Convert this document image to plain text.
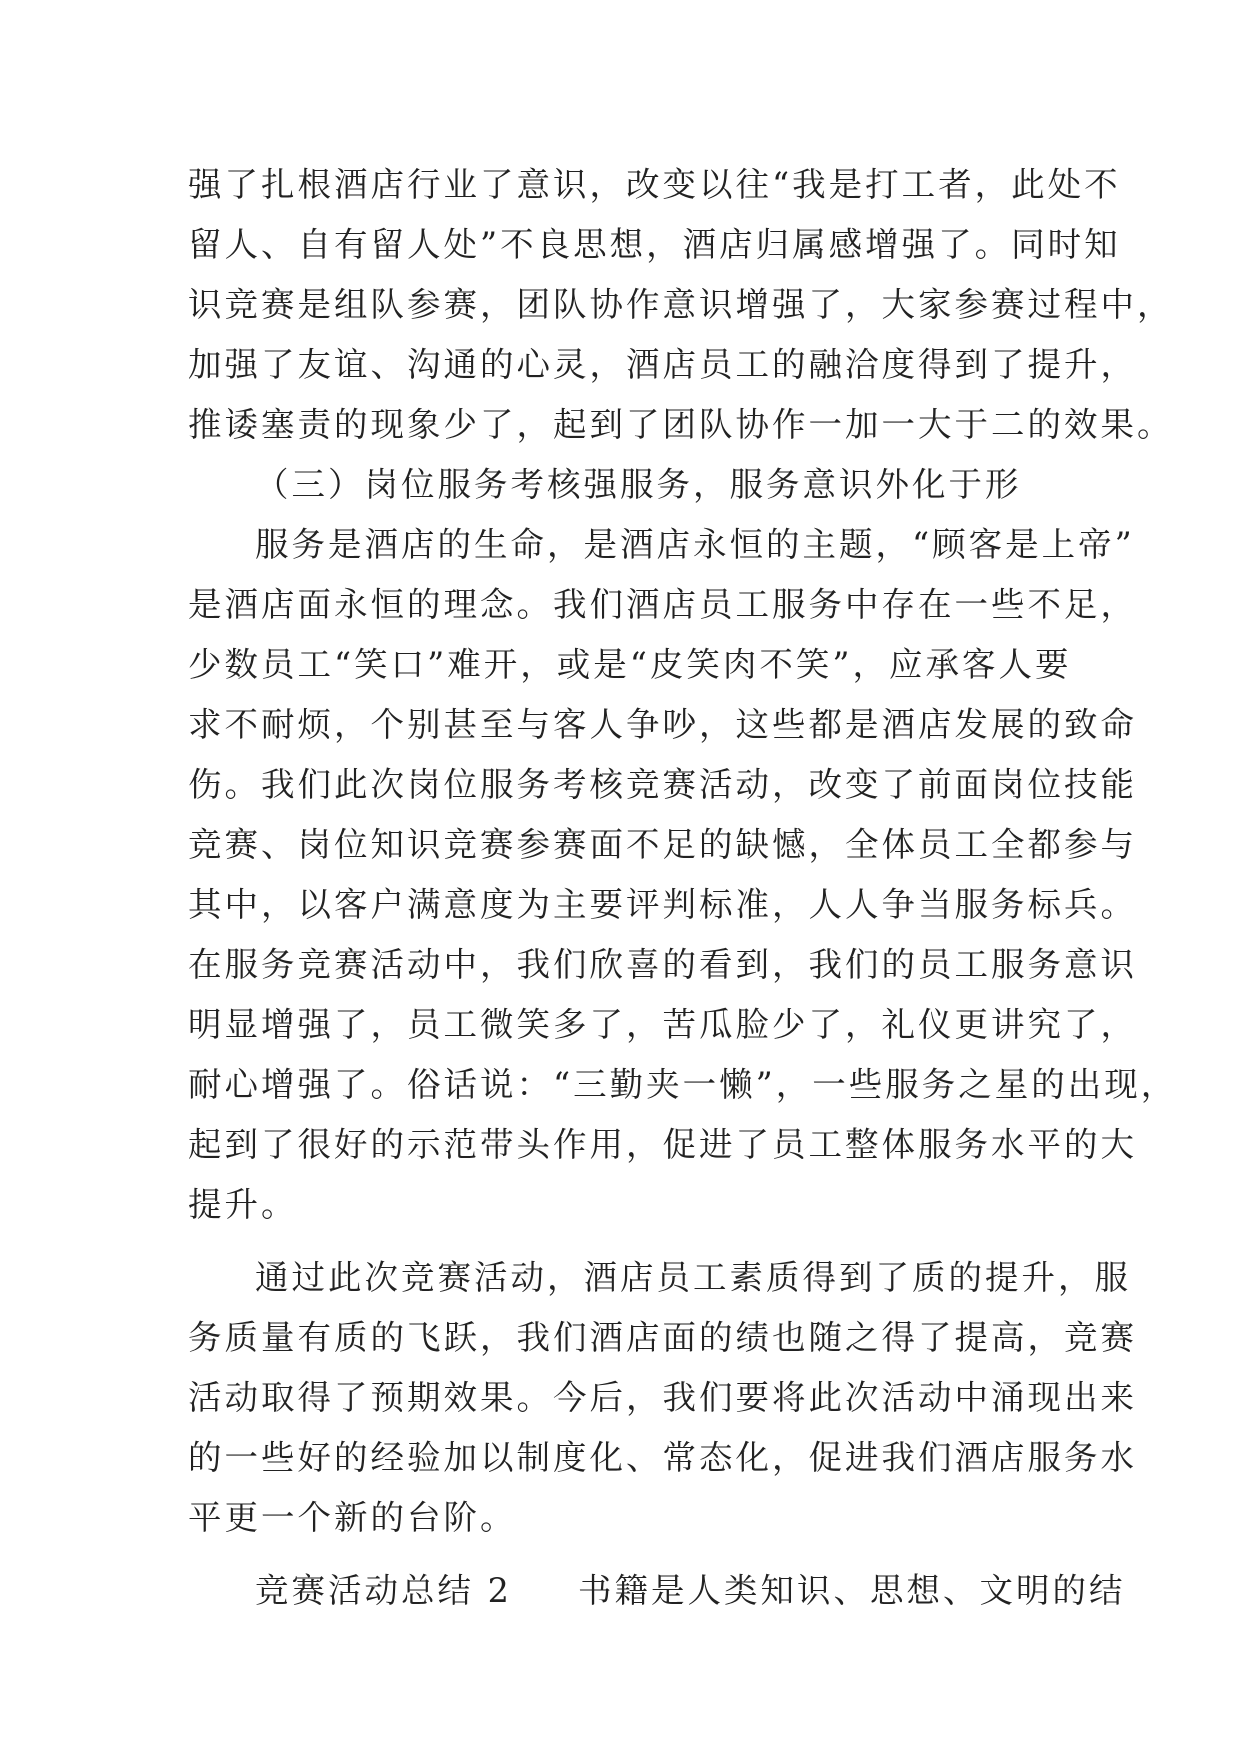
强了扎根酒店行业了意识，改变以往“我是打工者，此处不
留人、自有留人处”不良思想，酒店归属感增强了。同时知
识竞赛是组队参赛，团队协作意识增强了，大家参赛过程中，
加强了友谊、沟通的心灵，酒店员工的融洽度得到了提升，
推诿塞责的现象少了，起到了团队协作一加一大于二的效果。
（三）岗位服务考核强服务，服务意识外化于形
服务是酒店的生命，是酒店永恒的主题，“顾客是上帝”
是酒店面永恒的理念。我们酒店员工服务中存在一些不足，
少数员工“笑口”难开，或是“皮笑肉不笑”，应承客人要
求不耐烦，个别甚至与客人争吵，这些都是酒店发展的致命
伤。我们此次岗位服务考核竞赛活动，改变了前面岗位技能
竞赛、岗位知识竞赛参赛面不足的缺憾，全体员工全都参与
其中，以客户满意度为主要评判标准，人人争当服务标兵。
在服务竞赛活动中，我们欣喜的看到，我们的员工服务意识
明显增强了，员工微笑多了，苦瓜脸少了，礼仪更讲究了，
耐心增强了。俗话说：“三勤夹一懒”，一些服务之星的出现，
起到了很好的示范带头作用，促进了员工整体服务水平的大
提升。
通过此次竞赛活动，酒店员工素质得到了质的提升，服
务质量有质的飞跃，我们酒店面的绩也随之得了提高，竞赛
活动取得了预期效果。今后，我们要将此次活动中涌现出来
的一些好的经验加以制度化、常态化，促进我们酒店服务水
平更一个新的台阶。
竞赛活动总结 2 书籍是人类知识、思想、文明的结
